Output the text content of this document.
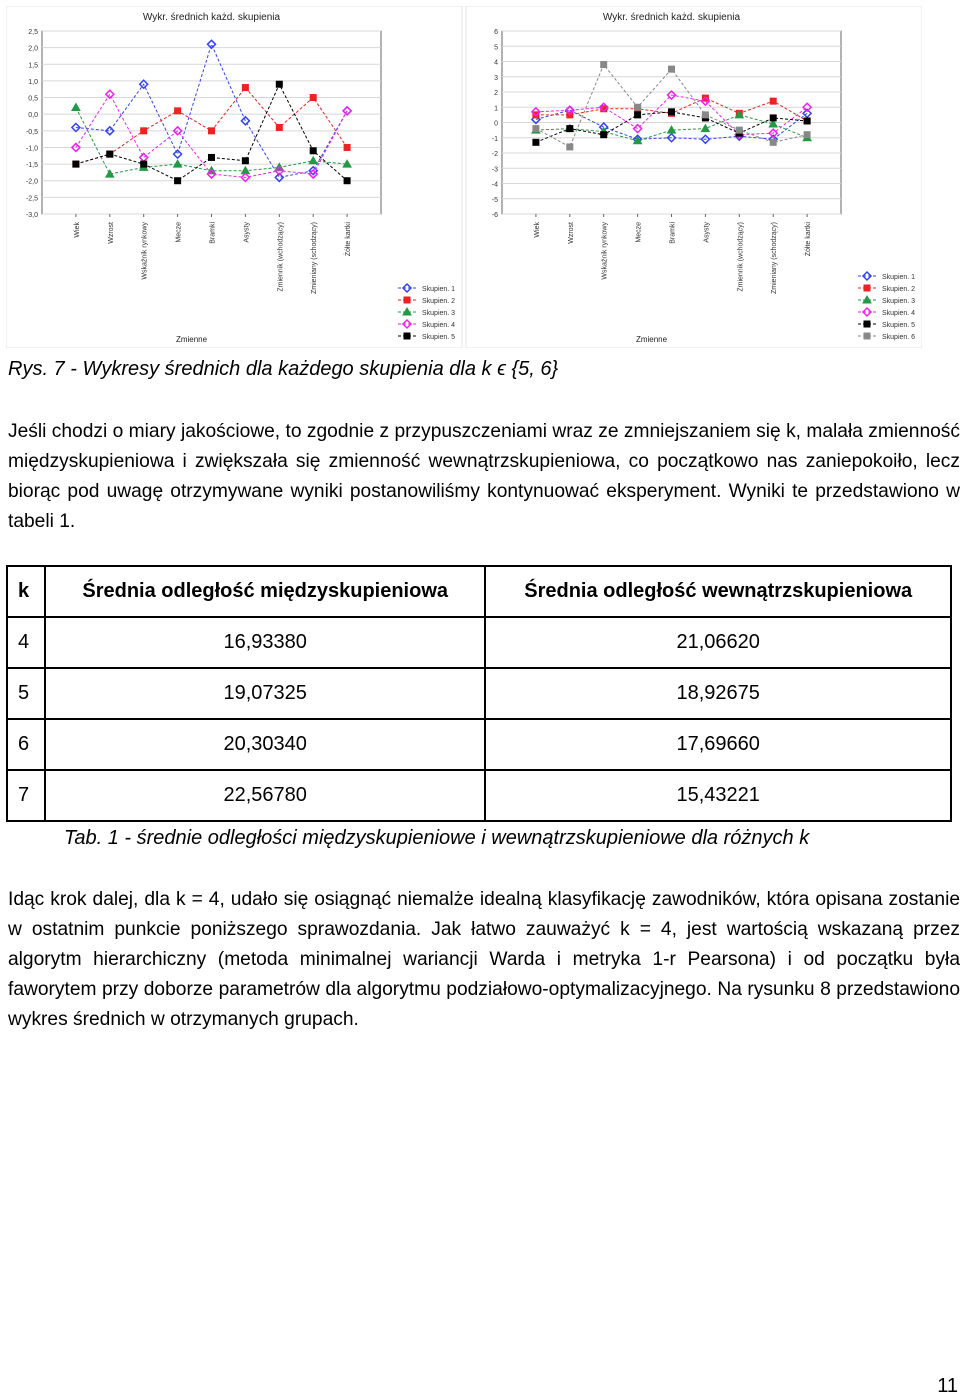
Wykr. średnich każd. skupienia
2,5
2,0
1,5
1,0
0,5
0,0
-0,5
-1,0
-1,5
-2,0
-2,5
-3,0
Wiek	Wzrost	Wskaźnik rynkowy	Mecze	Bramki	Asysty	Zmiennik (wchodzący)	Zmieniany (schodzący)	Żółte kartki
Zmienne
Skupien. 1
Skupien. 2
Skupien. 3
Skupien. 4
Skupien. 5
Wykr. średnich każd. skupienia
6
5
4
3
2
1
0
-1
-2
-3
-4
-5
-6
Wiek	Wzrost	Wskaźnik rynkowy	Mecze	Bramki	Asysty	Zmiennik (wchodzący)	Zmieniany (schodzący)	Żółte kartki
Zmienne
Skupien. 1
Skupien. 2
Skupien. 3
Skupien. 4
Skupien. 5
Skupien. 6

Rys. 7 - Wykresy średnich dla każdego skupienia dla k ϵ {5, 6}

Jeśli chodzi o miary jakościowe, to zgodnie z przypuszczeniami wraz ze zmniejszaniem się k, malała zmienność międzyskupieniowa i zwiększała się zmienność wewnątrzskupieniowa, co początkowo nas zaniepokoiło, lecz biorąc pod uwagę otrzymywane wyniki postanowiliśmy kontynuować eksperyment. Wyniki te przedstawiono w tabeli 1.

k	Średnia odległość międzyskupieniowa	Średnia odległość wewnątrzskupieniowa
4	16,93380	21,06620
5	19,07325	18,92675
6	20,30340	17,69660
7	22,56780	15,43221

Tab. 1 - średnie odległości międzyskupieniowe i wewnątrzskupieniowe dla różnych k

Idąc krok dalej, dla k = 4, udało się osiągnąć niemalże idealną klasyfikację zawodników, która opisana zostanie w ostatnim punkcie poniższego sprawozdania. Jak łatwo zauważyć k = 4, jest wartością wskazaną przez algorytm hierarchiczny (metoda minimalnej wariancji Warda i metryka 1-r Pearsona) i od początku była faworytem przy doborze parametrów dla algorytmu podziałowo-optymalizacyjnego. Na rysunku 8 przedstawiono wykres średnich w otrzymanych grupach.

11
